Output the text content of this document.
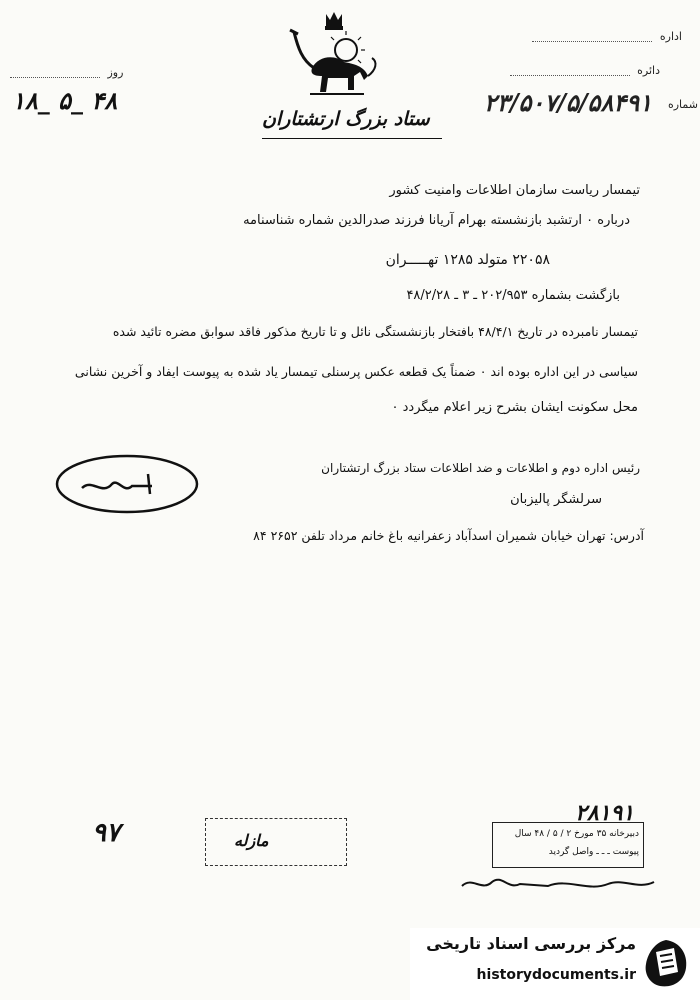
اداره
دائره
شماره
روز
۲۳/۵۰۷/۵/۵۸۴۹۱
۱۸_ ۵_ ۴۸
ستاد بزرگ ارتشتاران
تیمسار ریاست سازمان اطلاعات وامنیت کشور
درباره ۰ ارتشبد بازنشسته بهرام آریانا فرزند صدرالدین شماره شناسنامه
۲۲۰۵۸ متولد ۱۲۸۵ تهـــــران
بازگشت بشماره ۲۰۲/۹۵۳ ـ ۳ ـ ۴۸/۲/۲۸
تیمسار نامبرده در تاریخ ۴۸/۴/۱ بافتخار بازنشستگی نائل و تا تاریخ مذکور فاقد سوابق مضره تائید شده
سیاسی در این اداره بوده اند ۰ ضمناً یک قطعه عکس پرسنلی تیمسار یاد شده به پیوست ایفاد و آخرین نشانی
محل سکونت ایشان بشرح زیر اعلام میگردد ۰
رئیس اداره دوم و اطلاعات و ضد اطلاعات ستاد بزرگ ارتشتاران
سرلشگر پالیزبان
آدرس: تهران خیابان شمیران اسدآباد زعفرانیه باغ خانم مرداد تلفن ۲۶۵۲ ۸۴
۲۸۱۹۱
۹۷	مازله	دبیرخانه ۳۵ مورخ ۲ / ۵ / ۴۸ سال
پیوست ـ ـ ـ واصل گردید
مرکز بررسی اسناد تاریخی
historydocuments.ir
